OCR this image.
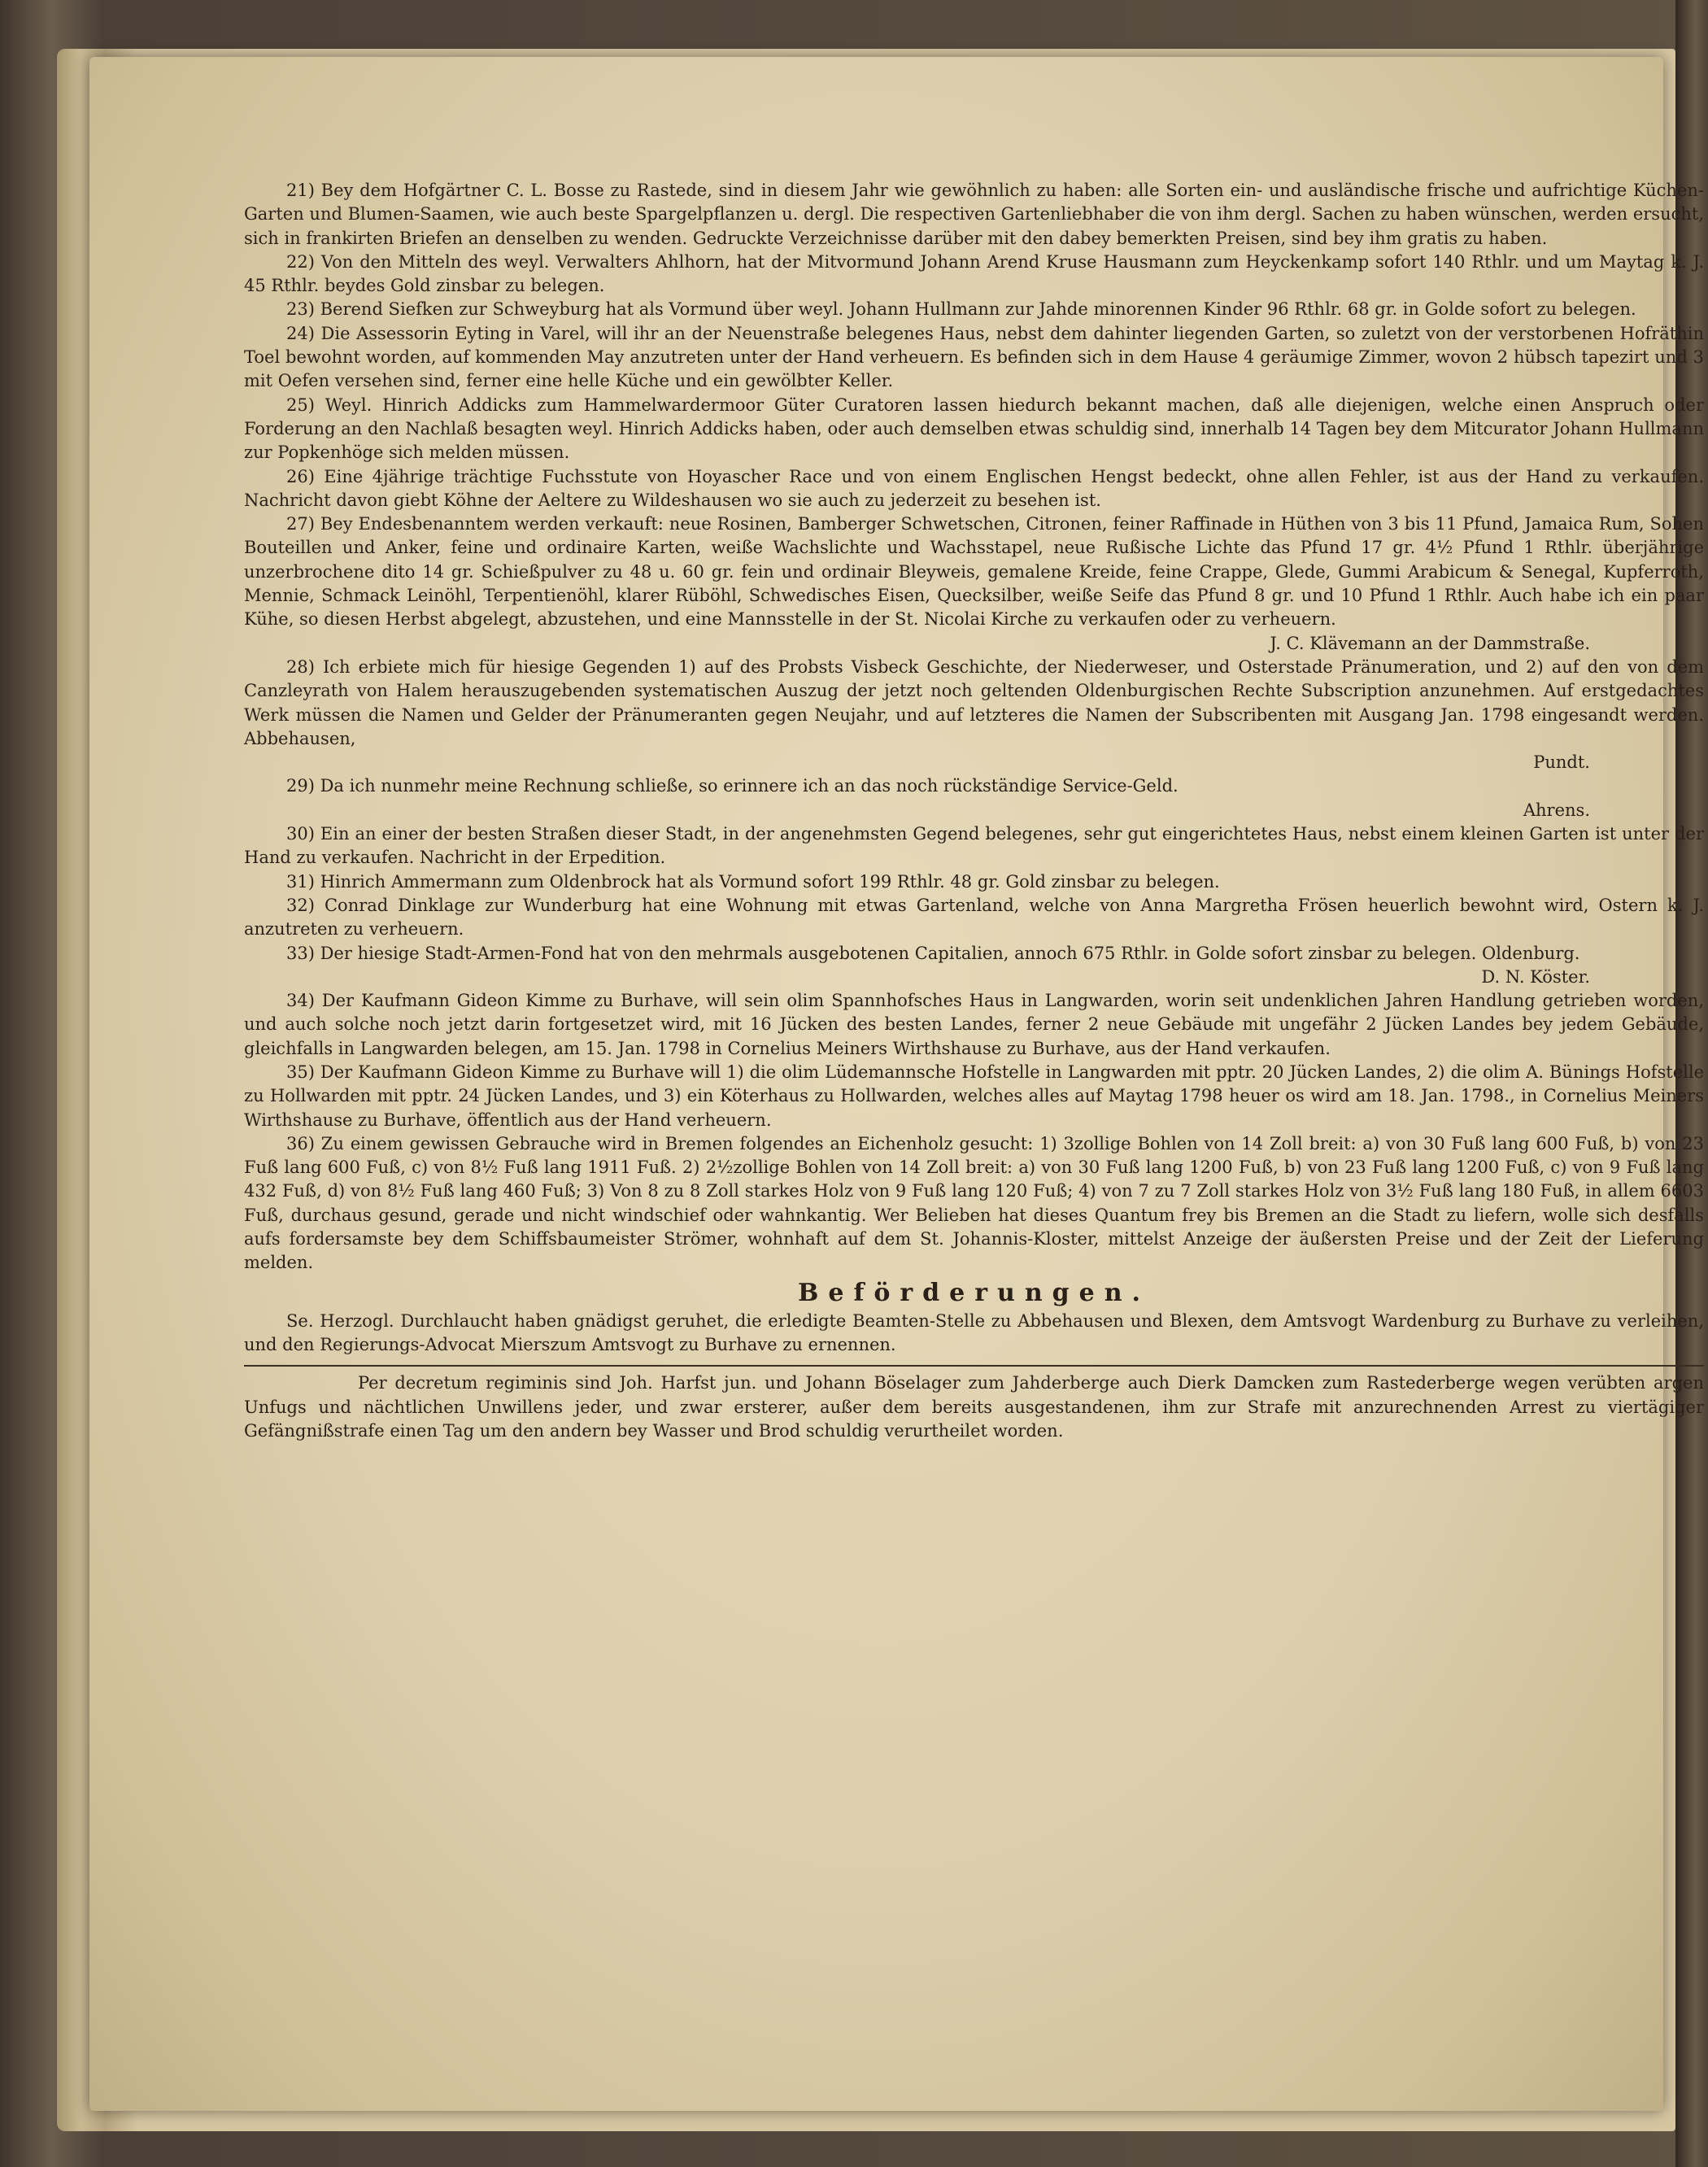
21) Bey dem Hofgärtner C. L. Bosse zu Rastede, sind in diesem Jahr wie gewöhnlich zu haben: alle Sorten ein- und ausländische frische und aufrichtige Küchen-Garten und Blumen-Saamen, wie auch beste Spargelpflanzen u. dergl. Die respectiven Gartenliebhaber die von ihm dergl. Sachen zu haben wünschen, werden ersucht, sich in frankirten Briefen an denselben zu wenden. Gedruckte Verzeichnisse darüber mit den dabey bemerkten Preisen, sind bey ihm gratis zu haben.

22) Von den Mitteln des weyl. Verwalters Ahlhorn, hat der Mitvormund Johann Arend Kruse Hausmann zum Heyckenkamp sofort 140 Rthlr. und um Maytag k. J. 45 Rthlr. beydes Gold zinsbar zu belegen.

23) Berend Siefken zur Schweyburg hat als Vormund über weyl. Johann Hullmann zur Jahde minorennen Kinder 96 Rthlr. 68 gr. in Golde sofort zu belegen.

24) Die Assessorin Eyting in Varel, will ihr an der Neuenstraße belegenes Haus, nebst dem dahinter liegenden Garten, so zuletzt von der verstorbenen Hofräthin Toel bewohnt worden, auf kommenden May anzutreten unter der Hand verheuern. Es befinden sich in dem Hause 4 geräumige Zimmer, wovon 2 hübsch tapezirt und 3 mit Oefen versehen sind, ferner eine helle Küche und ein gewölbter Keller.

25) Weyl. Hinrich Addicks zum Hammelwardermoor Güter Curatoren lassen hiedurch bekannt machen, daß alle diejenigen, welche einen Anspruch oder Forderung an den Nachlaß besagten weyl. Hinrich Addicks haben, oder auch demselben etwas schuldig sind, innerhalb 14 Tagen bey dem Mitcurator Johann Hullmann zur Popkenhöge sich melden müssen.

26) Eine 4jährige trächtige Fuchsstute von Hoyascher Race und von einem Englischen Hengst bedeckt, ohne allen Fehler, ist aus der Hand zu verkaufen. Nachricht davon giebt Köhne der Aeltere zu Wildeshausen wo sie auch zu jederzeit zu besehen ist.

27) Bey Endesbenanntem werden verkauft: neue Rosinen, Bamberger Schwetschen, Citronen, feiner Raffinade in Hüthen von 3 bis 11 Pfund, Jamaica Rum, Sohen Bouteillen und Anker, feine und ordinaire Karten, weiße Wachslichte und Wachsstapel, neue Rußische Lichte das Pfund 17 gr. 4½ Pfund 1 Rthlr. überjährige unzerbrochene dito 14 gr. Schießpulver zu 48 u. 60 gr. fein und ordinair Bleyweis, gemalene Kreide, feine Crappe, Glede, Gummi Arabicum & Senegal, Kupferroth, Mennie, Schmack Leinöhl, Terpentienöhl, klarer Rüböhl, Schwedisches Eisen, Quecksilber, weiße Seife das Pfund 8 gr. und 10 Pfund 1 Rthlr. Auch habe ich ein paar Kühe, so diesen Herbst abgelegt, abzustehen, und eine Mannsstelle in der St. Nicolai Kirche zu verkaufen oder zu verheuern.

J. C. Klävemann an der Dammstraße.

28) Ich erbiete mich für hiesige Gegenden 1) auf des Probsts Visbeck Geschichte, der Niederweser, und Osterstade Pränumeration, und 2) auf den von dem Canzleyrath von Halem herauszugebenden systematischen Auszug der jetzt noch geltenden Oldenburgischen Rechte Subscription anzunehmen. Auf erstgedachtes Werk müssen die Namen und Gelder der Pränumeranten gegen Neujahr, und auf letzteres die Namen der Subscribenten mit Ausgang Jan. 1798 eingesandt werden. Abbehausen,

Pundt.

29) Da ich nunmehr meine Rechnung schließe, so erinnere ich an das noch rückständige Service-Geld.

Ahrens.

30) Ein an einer der besten Straßen dieser Stadt, in der angenehmsten Gegend belegenes, sehr gut eingerichtetes Haus, nebst einem kleinen Garten ist unter der Hand zu verkaufen. Nachricht in der Erpedition.

31) Hinrich Ammermann zum Oldenbrock hat als Vormund sofort 199 Rthlr. 48 gr. Gold zinsbar zu belegen.

32) Conrad Dinklage zur Wunderburg hat eine Wohnung mit etwas Gartenland, welche von Anna Margretha Frösen heuerlich bewohnt wird, Ostern k. J. anzutreten zu verheuern.

33) Der hiesige Stadt-Armen-Fond hat von den mehrmals ausgebotenen Capitalien, annoch 675 Rthlr. in Golde sofort zinsbar zu belegen. Oldenburg.

D. N. Köster.

34) Der Kaufmann Gideon Kimme zu Burhave, will sein olim Spannhofsches Haus in Langwarden, worin seit undenklichen Jahren Handlung getrieben worden, und auch solche noch jetzt darin fortgesetzet wird, mit 16 Jücken des besten Landes, ferner 2 neue Gebäude mit ungefähr 2 Jücken Landes bey jedem Gebäude, gleichfalls in Langwarden belegen, am 15. Jan. 1798 in Cornelius Meiners Wirthshause zu Burhave, aus der Hand verkaufen.

35) Der Kaufmann Gideon Kimme zu Burhave will 1) die olim Lüdemannsche Hofstelle in Langwarden mit pptr. 20 Jücken Landes, 2) die olim A. Bünings Hofstelle zu Hollwarden mit pptr. 24 Jücken Landes, und 3) ein Köterhaus zu Hollwarden, welches alles auf Maytag 1798 heuer os wird am 18. Jan. 1798., in Cornelius Meiners Wirthshause zu Burhave, öffentlich aus der Hand verheuern.

36) Zu einem gewissen Gebrauche wird in Bremen folgendes an Eichenholz gesucht: 1) 3zollige Bohlen von 14 Zoll breit: a) von 30 Fuß lang 600 Fuß, b) von 23 Fuß lang 600 Fuß, c) von 8½ Fuß lang 1911 Fuß. 2) 2½zollige Bohlen von 14 Zoll breit: a) von 30 Fuß lang 1200 Fuß, b) von 23 Fuß lang 1200 Fuß, c) von 9 Fuß lang 432 Fuß, d) von 8½ Fuß lang 460 Fuß; 3) Von 8 zu 8 Zoll starkes Holz von 9 Fuß lang 120 Fuß; 4) von 7 zu 7 Zoll starkes Holz von 3½ Fuß lang 180 Fuß, in allem 6603 Fuß, durchaus gesund, gerade und nicht windschief oder wahnkantig. Wer Belieben hat dieses Quantum frey bis Bremen an die Stadt zu liefern, wolle sich desfalls aufs fordersamste bey dem Schiffsbaumeister Strömer, wohnhaft auf dem St. Johannis-Kloster, mittelst Anzeige der äußersten Preise und der Zeit der Lieferung melden.

Beförderungen.

Se. Herzogl. Durchlaucht haben gnädigst geruhet, die erledigte Beamten-Stelle zu Abbehausen und Blexen, dem Amtsvogt Wardenburg zu Burhave zu verleihen, und den Regierungs-Advocat Mierszum Amtsvogt zu Burhave zu ernennen.

Per decretum regiminis sind Joh. Harfst jun. und Johann Böselager zum Jahderberge auch Dierk Damcken zum Rastederberge wegen verübten argen Unfugs und nächtlichen Unwillens jeder, und zwar ersterer, außer dem bereits ausgestandenen, ihm zur Strafe mit anzurechnenden Arrest zu viertägiger Gefängnißstrafe einen Tag um den andern bey Wasser und Brod schuldig verurtheilet worden.
